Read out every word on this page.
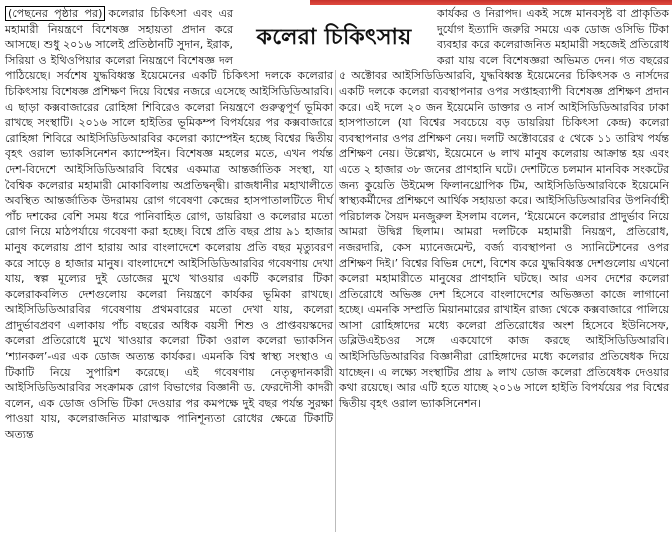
কলেরা চিকিৎসায়

(পেছনের পৃষ্ঠার পর) কলেরার চিকিৎসা এবং এর মহামারী নিয়ন্ত্রণে বিশেষজ্ঞ সহায়তা প্রদান করে আসছে। শুধু ২০১৬ সালেই প্রতিষ্ঠানটি সুদান, ইরাক, সিরিয়া ও ইথিওপিয়ার কলেরা নিয়ন্ত্রণে বিশেষজ্ঞ দল পাঠিয়েছে। সর্বশেষ যুদ্ধবিধ্বস্ত ইয়েমেনের একটি চিকিৎসা দলকে কলেরার চিকিৎসায় বিশেষজ্ঞ প্রশিক্ষণ দিয়ে বিশ্বের নজরে এসেছে আইসিডিডিআরবি। এ ছাড়া কক্সবাজারের রোহিঙ্গা শিবিরেও কলেরা নিয়ন্ত্রণে গুরুত্বপূর্ণ ভূমিকা রাখছে সংস্থাটি। ২০১৬ সালে হাইতির ভূমিকম্প বিপর্যয়ের পর কক্সবাজারে রোহিঙ্গা শিবিরে আইসিডিডিআরবির কলেরা ক্যাম্পেইন হচ্ছে বিশ্বের দ্বিতীয় বৃহৎ ওরাল ভ্যাকসিনেশন ক্যাম্পেইন। বিশেষজ্ঞ মহলের মতে, এখন পর্যন্ত দেশ-বিদেশে আইসিডিডিআরবি বিশ্বের একমাত্র আন্তর্জাতিক সংস্থা, যা বৈশ্বিক কলেরার মহামারী মোকাবিলায় অপ্রতিদ্বন্দ্বী। রাজধানীর মহাখালীতে অবস্থিত আন্তর্জাতিক উদরাময় রোগ গবেষণা কেন্দ্রের হাসপাতালটিতে দীর্ঘ পাঁচ দশকের বেশি সময় ধরে পানিবাহিত রোগ, ডায়রিয়া ও কলেরার মতো রোগ নিয়ে মাঠপর্যায়ে গবেষণা করা হচ্ছে। বিশ্বে প্রতি বছর প্রায় ৯১ হাজার মানুষ কলেরায় প্রাণ হারায় আর বাংলাদেশে কলেরায় প্রতি বছর মৃত্যুবরণ করে সাড়ে ৪ হাজার মানুষ। বাংলাদেশে আইসিডিডিআরবির গবেষণায় দেখা যায়, স্বল্প মূল্যের দুই ডোজের মুখে খাওয়ার একটি কলেরার টিকা কলেরাকবলিত দেশগুলোয় কলেরা নিয়ন্ত্রণে কার্যকর ভূমিকা রাখছে। আইসিডিডিআরবির গবেষণায় প্রথমবারের মতো দেখা যায়, কলেরা প্রাদুর্ভাবপ্রবণ এলাকায় পাঁচ বছরের অধিক বয়সী শিশু ও প্রাপ্তবয়স্কদের কলেরা প্রতিরোধে মুখে খাওয়ার কলেরা টিকা ওরাল কলেরা ভ্যাকসিন ‘শ্যানকল’-এর এক ডোজ অত্যন্ত কার্যকর। এমনকি বিশ্ব স্বাস্থ্য সংস্থাও এ টিকাটি নিয়ে সুপারিশ করেছে। এই গবেষণায় নেতৃত্বদানকারী আইসিডিডিআরবির সংক্রামক রোগ বিভাগের বিজ্ঞানী ড. ফেরদৌসী কাদরী বলেন, এক ডোজ ওসিভি টিকা দেওয়ার পর কমপক্ষে দুই বছর পর্যন্ত সুরক্ষা পাওয়া যায়, কলেরাজনিত মারাত্মক পানিশূন্যতা রোধের ক্ষেত্রে টিকাটি অত্যন্ত

কার্যকর ও নিরাপদ। একই সঙ্গে মানবসৃষ্ট বা প্রাকৃতিক দুর্যোগ ইত্যাদি জরুরি সময়ে এক ডোজ ওসিভি টিকা ব্যবহার করে কলেরাজনিত মহামারী সহজেই প্রতিরোধ করা যায় বলে বিশেষজ্ঞরা অভিমত দেন। গত বছরের ৫ অক্টোবর আইসিডিডিআরবি, যুদ্ধবিধ্বস্ত ইয়েমেনের চিকিৎসক ও নার্সদের একটি দলকে কলেরা ব্যবস্থাপনার ওপর সপ্তাহব্যাপী বিশেষজ্ঞ প্রশিক্ষণ প্রদান করে। এই দলে ২০ জন ইয়েমেনি ডাক্তার ও নার্স আইসিডিডিআরবির ঢাকা হাসপাতালে (যা বিশ্বের সবচেয়ে বড় ডায়রিয়া চিকিৎসা কেন্দ্র) কলেরা ব্যবস্থাপনার ওপর প্রশিক্ষণ নেয়। দলটি অক্টোবরের ৫ থেকে ১১ তারিখ পর্যন্ত প্রশিক্ষণ নেয়। উল্লেখ্য, ইয়েমেনে ৬ লাখ মানুষ কলেরায় আক্রান্ত হয় এবং এতে ২ হাজার ৩৮ জনের প্রাণহানি ঘটে। দেশটিতে চলমান মানবিক সংকটের জন্য কুয়েতি উইমেন্স ফিলানথ্রোপিক টিম, আইসিডিডিআরবিকে ইয়েমেনি স্বাস্থ্যকর্মীদের প্রশিক্ষণে আর্থিক সহায়তা করে। আইসিডিডিআরবির উপনির্বাহী পরিচালক সৈয়দ মনজুরুল ইসলাম বলেন, ‘ইয়েমেনে কলেরার প্রাদুর্ভাব নিয়ে আমরা উদ্বিগ্ন ছিলাম। আমরা দলটিকে মহামারী নিয়ন্ত্রণ, প্রতিরোধ, নজরদারি, কেস ম্যানেজমেন্ট, বর্জ্য ব্যবস্থাপনা ও স্যানিটেশনের ওপর প্রশিক্ষণ দিই।’ বিশ্বের বিভিন্ন দেশে, বিশেষ করে যুদ্ধবিধ্বস্ত দেশগুলোয় এখনো কলেরা মহামারীতে মানুষের প্রাণহানি ঘটছে। আর এসব দেশের কলেরা প্রতিরোধে অভিজ্ঞ দেশ হিসেবে বাংলাদেশের অভিজ্ঞতা কাজে লাগানো হচ্ছে। এমনকি সম্প্রতি মিয়ানমারের রাখাইন রাজ্য থেকে কক্সবাজারে পালিয়ে আসা রোহিঙ্গাদের মধ্যে কলেরা প্রতিরোধের অংশ হিসেবে ইউনিসেফ, ডব্লিউএইচওর সঙ্গে একযোগে কাজ করছে আইসিডিডিআরবি। আইসিডিডিআরবির বিজ্ঞানীরা রোহিঙ্গাদের মধ্যে কলেরার প্রতিষেধক দিয়ে যাচ্ছেন। এ লক্ষ্যে সংস্থাটির প্রায় ৯ লাখ ডোজ কলেরা প্রতিষেধক দেওয়ার কথা রয়েছে। আর এটি হতে যাচ্ছে ২০১৬ সালে হাইতি বিপর্যয়ের পর বিশ্বের দ্বিতীয় বৃহৎ ওরাল ভ্যাকসিনেশন।
